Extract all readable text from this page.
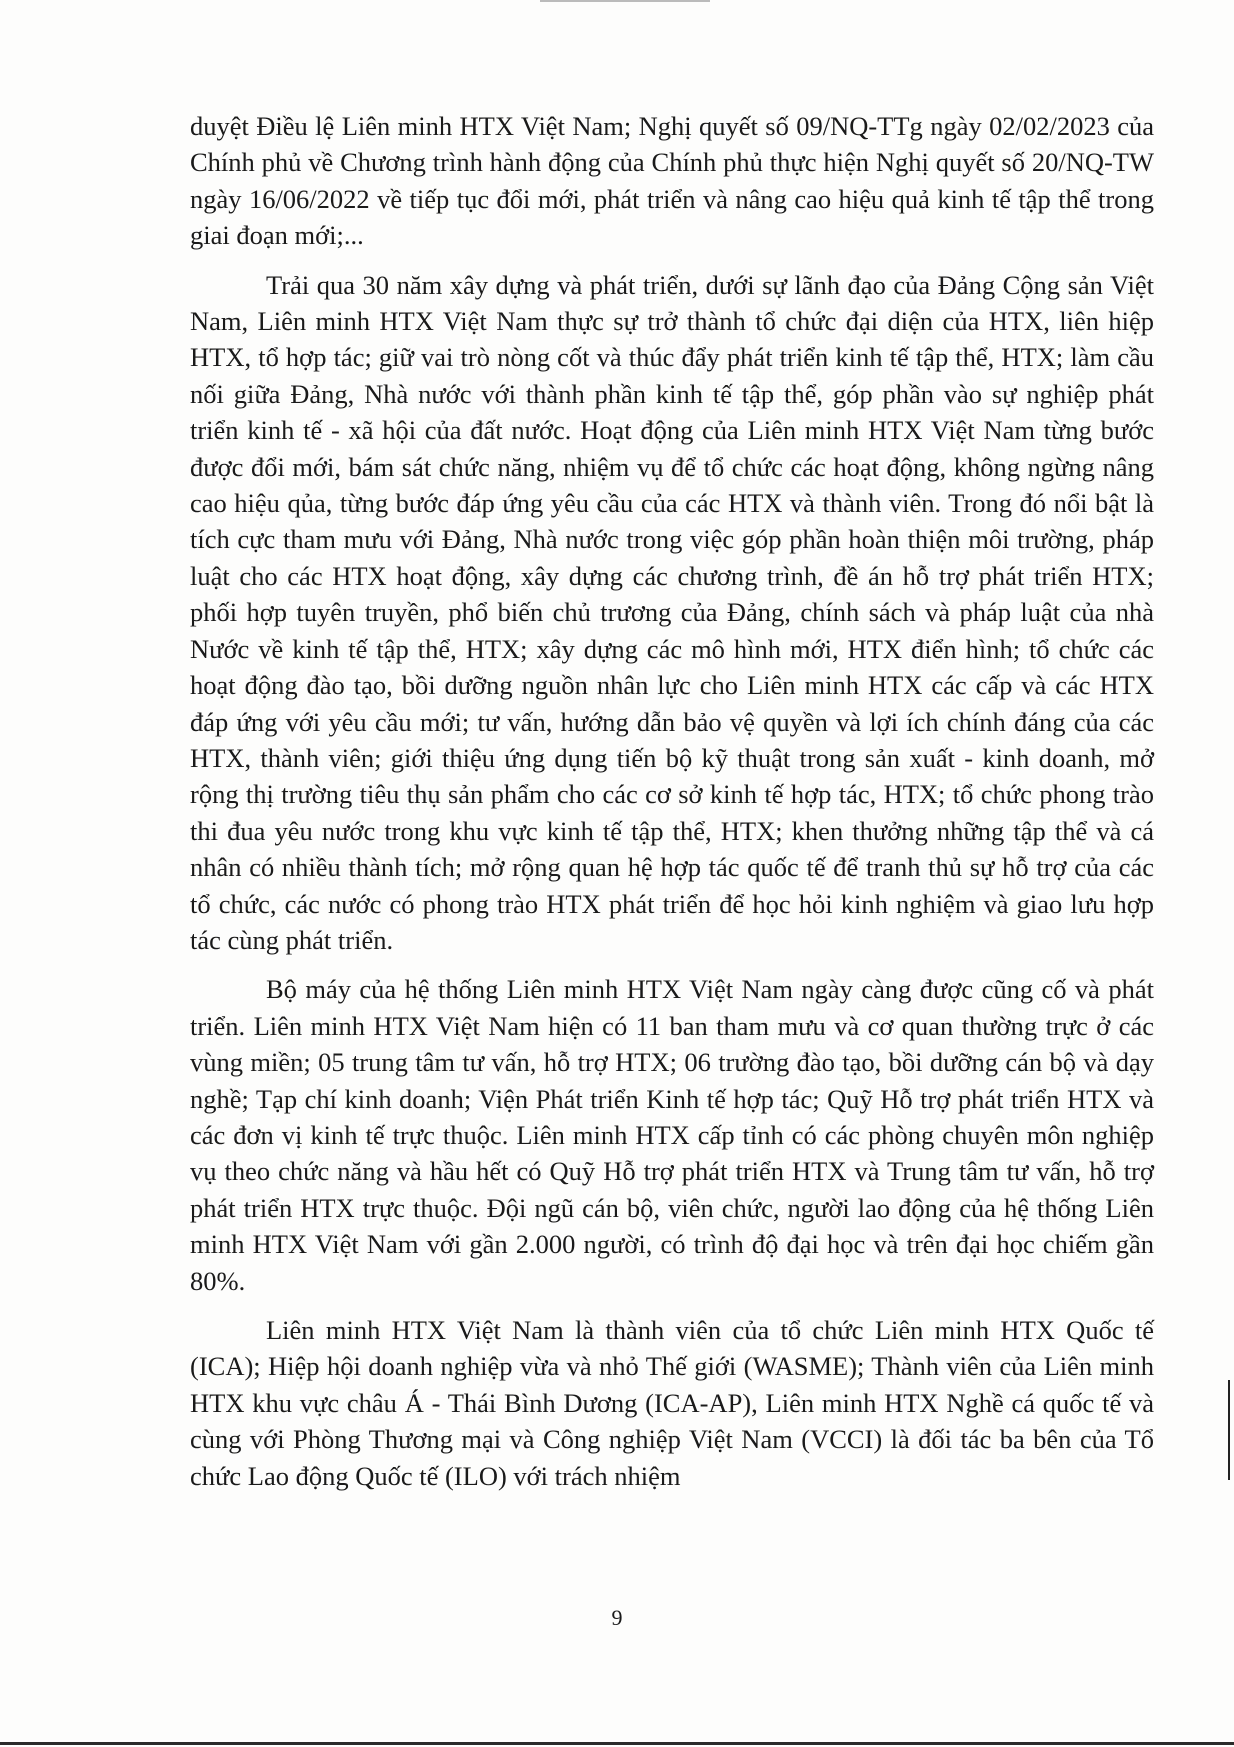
duyệt Điều lệ Liên minh HTX Việt Nam; Nghị quyết số 09/NQ-TTg ngày 02/02/2023 của Chính phủ về Chương trình hành động của Chính phủ thực hiện Nghị quyết số 20/NQ-TW ngày 16/06/2022 về tiếp tục đổi mới, phát triển và nâng cao hiệu quả kinh tế tập thể trong giai đoạn mới;...

Trải qua 30 năm xây dựng và phát triển, dưới sự lãnh đạo của Đảng Cộng sản Việt Nam, Liên minh HTX Việt Nam thực sự trở thành tổ chức đại diện của HTX, liên hiệp HTX, tổ hợp tác; giữ vai trò nòng cốt và thúc đẩy phát triển kinh tế tập thể, HTX; làm cầu nối giữa Đảng, Nhà nước với thành phần kinh tế tập thể, góp phần vào sự nghiệp phát triển kinh tế - xã hội của đất nước. Hoạt động của Liên minh HTX Việt Nam từng bước được đổi mới, bám sát chức năng, nhiệm vụ để tổ chức các hoạt động, không ngừng nâng cao hiệu qủa, từng bước đáp ứng yêu cầu của các HTX và thành viên. Trong đó nổi bật là tích cực tham mưu với Đảng, Nhà nước trong việc góp phần hoàn thiện môi trường, pháp luật cho các HTX hoạt động, xây dựng các chương trình, đề án hỗ trợ phát triển HTX; phối hợp tuyên truyền, phổ biến chủ trương của Đảng, chính sách và pháp luật của nhà Nước về kinh tế tập thể, HTX; xây dựng các mô hình mới, HTX điển hình; tổ chức các hoạt động đào tạo, bồi dưỡng nguồn nhân lực cho Liên minh HTX các cấp và các HTX đáp ứng với yêu cầu mới; tư vấn, hướng dẫn bảo vệ quyền và lợi ích chính đáng của các HTX, thành viên; giới thiệu ứng dụng tiến bộ kỹ thuật trong sản xuất - kinh doanh, mở rộng thị trường tiêu thụ sản phẩm cho các cơ sở kinh tế hợp tác, HTX; tổ chức phong trào thi đua yêu nước trong khu vực kinh tế tập thể, HTX; khen thưởng những tập thể và cá nhân có nhiều thành tích; mở rộng quan hệ hợp tác quốc tế để tranh thủ sự hỗ trợ của các tổ chức, các nước có phong trào HTX phát triển để học hỏi kinh nghiệm và giao lưu hợp tác cùng phát triển.

Bộ máy của hệ thống Liên minh HTX Việt Nam ngày càng được cũng cố và phát triển. Liên minh HTX Việt Nam hiện có 11 ban tham mưu và cơ quan thường trực ở các vùng miền; 05 trung tâm tư vấn, hỗ trợ HTX; 06 trường đào tạo, bồi dưỡng cán bộ và dạy nghề; Tạp chí kinh doanh; Viện Phát triển Kinh tế hợp tác; Quỹ Hỗ trợ phát triển HTX và các đơn vị kinh tế trực thuộc. Liên minh HTX cấp tỉnh có các phòng chuyên môn nghiệp vụ theo chức năng và hầu hết có Quỹ Hỗ trợ phát triển HTX và Trung tâm tư vấn, hỗ trợ phát triển HTX trực thuộc. Đội ngũ cán bộ, viên chức, người lao động của hệ thống Liên minh HTX Việt Nam với gần 2.000 người, có trình độ đại học và trên đại học chiếm gần 80%.

Liên minh HTX Việt Nam là thành viên của tổ chức Liên minh HTX Quốc tế (ICA); Hiệp hội doanh nghiệp vừa và nhỏ Thế giới (WASME); Thành viên của Liên minh HTX khu vực châu Á - Thái Bình Dương (ICA-AP), Liên minh HTX Nghề cá quốc tế và cùng với Phòng Thương mại và Công nghiệp Việt Nam (VCCI) là đối tác ba bên của Tổ chức Lao động Quốc tế (ILO) với trách nhiệm

9
